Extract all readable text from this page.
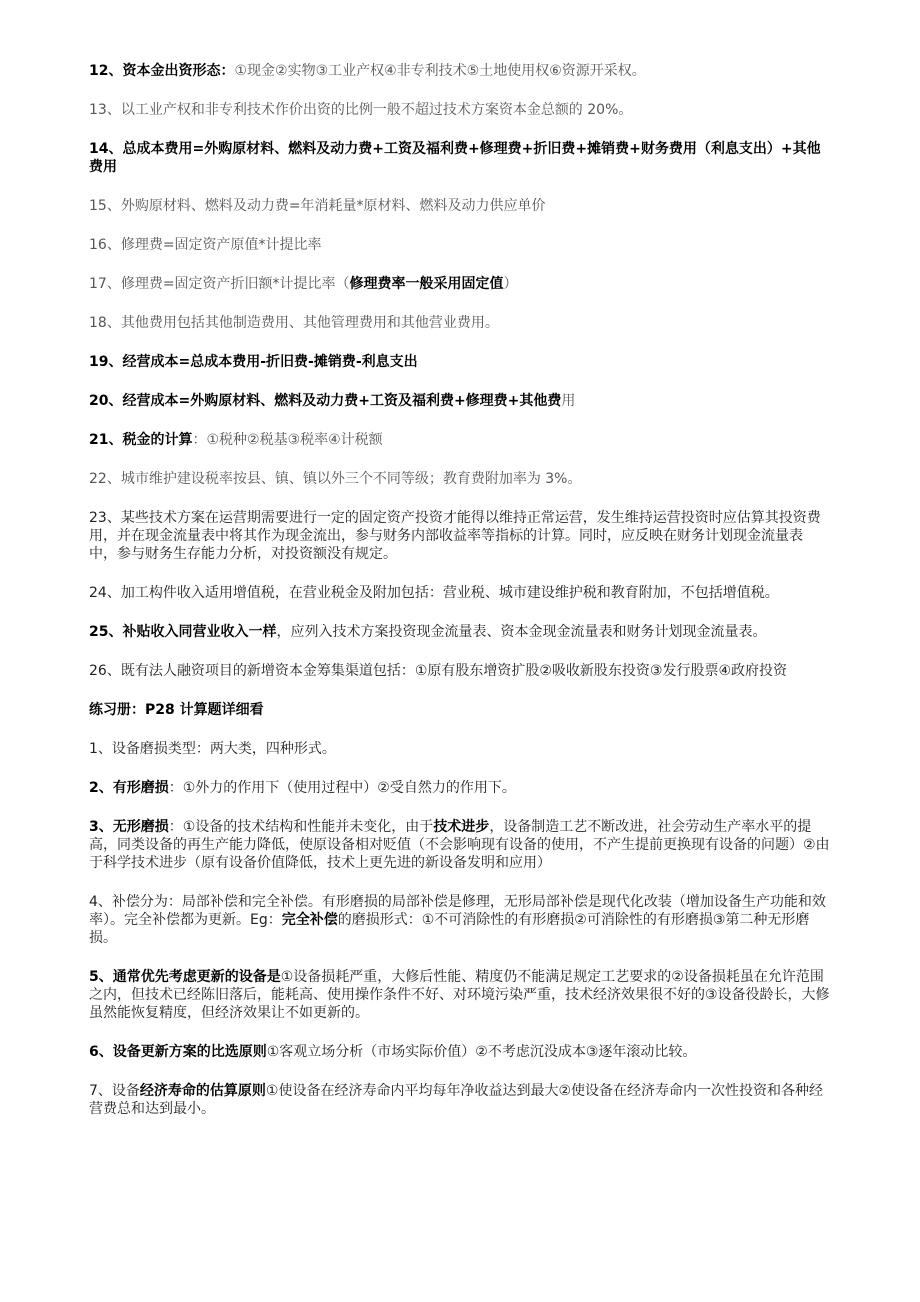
12、资本金出资形态：①现金②实物③工业产权④非专利技术⑤土地使用权⑥资源开采权。

13、以工业产权和非专利技术作价出资的比例一般不超过技术方案资本金总额的 20%。

14、总成本费用=外购原材料、燃料及动力费+工资及福利费+修理费+折旧费+摊销费+财务费用（利息支出）+其他费用

15、外购原材料、燃料及动力费=年消耗量*原材料、燃料及动力供应单价

16、修理费=固定资产原值*计提比率

17、修理费=固定资产折旧额*计提比率（修理费率一般采用固定值）

18、其他费用包括其他制造费用、其他管理费用和其他营业费用。

19、经营成本=总成本费用-折旧费-摊销费-利息支出

20、经营成本=外购原材料、燃料及动力费+工资及福利费+修理费+其他费用

21、税金的计算：①税种②税基③税率④计税额

22、城市维护建设税率按县、镇、镇以外三个不同等级；教育费附加率为 3%。

23、某些技术方案在运营期需要进行一定的固定资产投资才能得以维持正常运营，发生维持运营投资时应估算其投资费用，并在现金流量表中将其作为现金流出，参与财务内部收益率等指标的计算。同时，应反映在财务计划现金流量表中，参与财务生存能力分析，对投资额没有规定。

24、加工构件收入适用增值税，在营业税金及附加包括：营业税、城市建设维护税和教育附加，不包括增值税。

25、补贴收入同营业收入一样，应列入技术方案投资现金流量表、资本金现金流量表和财务计划现金流量表。

26、既有法人融资项目的新增资本金筹集渠道包括：①原有股东增资扩股②吸收新股东投资③发行股票④政府投资

练习册：P28 计算题详细看

1、设备磨损类型：两大类，四种形式。

2、有形磨损：①外力的作用下（使用过程中）②受自然力的作用下。

3、无形磨损：①设备的技术结构和性能并未变化，由于技术进步，设备制造工艺不断改进，社会劳动生产率水平的提高，同类设备的再生产能力降低，使原设备相对贬值（不会影响现有设备的使用，不产生提前更换现有设备的问题）②由于科学技术进步（原有设备价值降低，技术上更先进的新设备发明和应用）

4、补偿分为：局部补偿和完全补偿。有形磨损的局部补偿是修理，无形局部补偿是现代化改装（增加设备生产功能和效率）。完全补偿都为更新。Eg：完全补偿的磨损形式：①不可消除性的有形磨损②可消除性的有形磨损③第二种无形磨损。

5、通常优先考虑更新的设备是①设备损耗严重，大修后性能、精度仍不能满足规定工艺要求的②设备损耗虽在允许范围之内，但技术已经陈旧落后，能耗高、使用操作条件不好、对环境污染严重，技术经济效果很不好的③设备役龄长，大修虽然能恢复精度，但经济效果让不如更新的。

6、设备更新方案的比选原则①客观立场分析（市场实际价值）②不考虑沉没成本③逐年滚动比较。

7、设备经济寿命的估算原则①使设备在经济寿命内平均每年净收益达到最大②使设备在经济寿命内一次性投资和各种经营费总和达到最小。
